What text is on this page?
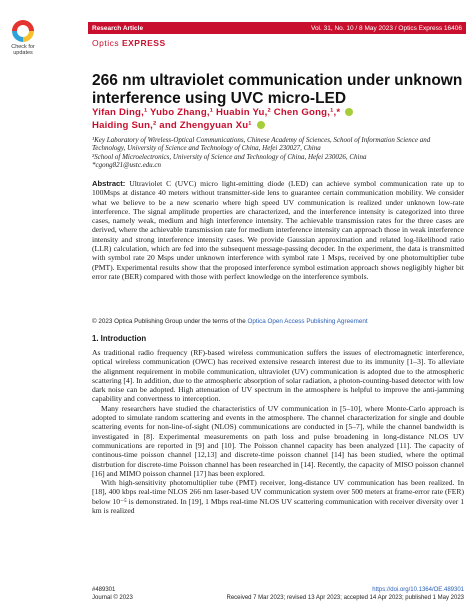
Check for updates
Research Article	Vol. 31, No. 10 / 8 May 2023 / Optics Express 16406
Optics EXPRESS
266 nm ultraviolet communication under unknown interference using UVC micro-LED
Yifan Ding,¹ Yubo Zhang,¹ Huabin Yu,² Chen Gong,¹,*
Haiding Sun,² and Zhengyuan Xu¹
¹Key Laboratory of Wireless-Optical Communications, Chinese Academy of Sciences, School of Information Science and Technology, University of Science and Technology of China, Hefei 230027, China
²School of Microelectronics, University of Science and Technology of China, Hefei 230026, China
*cgong821@ustc.edu.cn

Abstract: Ultraviolet C (UVC) micro light-emitting diode (LED) can achieve symbol communication rate up to 100Msps at distance 40 meters without transmitter-side lens to guarantee certain communication mobility. We consider what we believe to be a new scenario where high speed UV communication is realized under unknown low-rate interference. The signal amplitude properties are characterized, and the interference intensity is categorized into three cases, namely weak, medium and high interference intensity. The achievable transmission rates for the three cases are derived, where the achievable transmission rate for medium interference intensity can approach those in weak interference intensity and strong interference intensity cases. We provide Gaussian approximation and related log-likelihood ratio (LLR) calculation, which are fed into the subsequent message-passing decoder. In the experiment, the data is transmitted with symbol rate 20 Msps under unknown interference with symbol rate 1 Msps, received by one photomultiplier tube (PMT). Experimental results show that the proposed interference symbol estimation approach shows negligibly higher bit error rate (BER) compared with those with perfect knowledge on the interference symbols.

© 2023 Optica Publishing Group under the terms of the Optica Open Access Publishing Agreement
1. Introduction

As traditional radio frequency (RF)-based wireless communication suffers the issues of electromagnetic interference, optical wireless communication (OWC) has received extensive research interest due to its immunity [1–3]. To alleviate the alignment requirement in mobile communication, ultraviolet (UV) communication is adopted due to the atmospheric scattering [4]. In addition, due to the atmospheric absorption of solar radiation, a photon-counting-based detector with low dark noise can be adopted. High attenuation of UV spectrum in the atmosphere is helpful to improve the anti-jamming capability and convertness to interception.

Many researchers have studied the characteristics of UV communication in [5–10], where Monte-Carlo approach is adopted to simulate random scattering and events in the atmosphere. The channel characterization for single and double scattering events for non-line-of-sight (NLOS) communications are conducted in [5–7], while the channel bandwidth is investigated in [8]. Experimental measurements on path loss and pulse broadening in long-distance NLOS UV communications are reported in [9] and [10]. The Poisson channel capacity has been analyzed [11]. The capacity of continous-time poisson channel [12,13] and discrete-time poisson channel [14] has been studied, where the optimal distrbution for discrete-time Poisson channel has been researched in [14]. Recently, the capacity of MISO poisson channel [16] and MIMO poisson channel [17] has been explored.

With high-sensitivity photomultiplier tube (PMT) receiver, long-distance UV communication has been realized. In [18], 400 kbps real-time NLOS 266 nm laser-based UV communication system over 500 meters at frame-error rate (FER) below 10⁻⁵ is demonstrated. In [19], 1 Mbps real-time NLOS UV scattering communication with receiver diversity over 1 km is realized

#489301	https://doi.org/10.1364/OE.489301
Journal © 2023	Received 7 Mar 2023; revised 13 Apr 2023; accepted 14 Apr 2023; published 1 May 2023
